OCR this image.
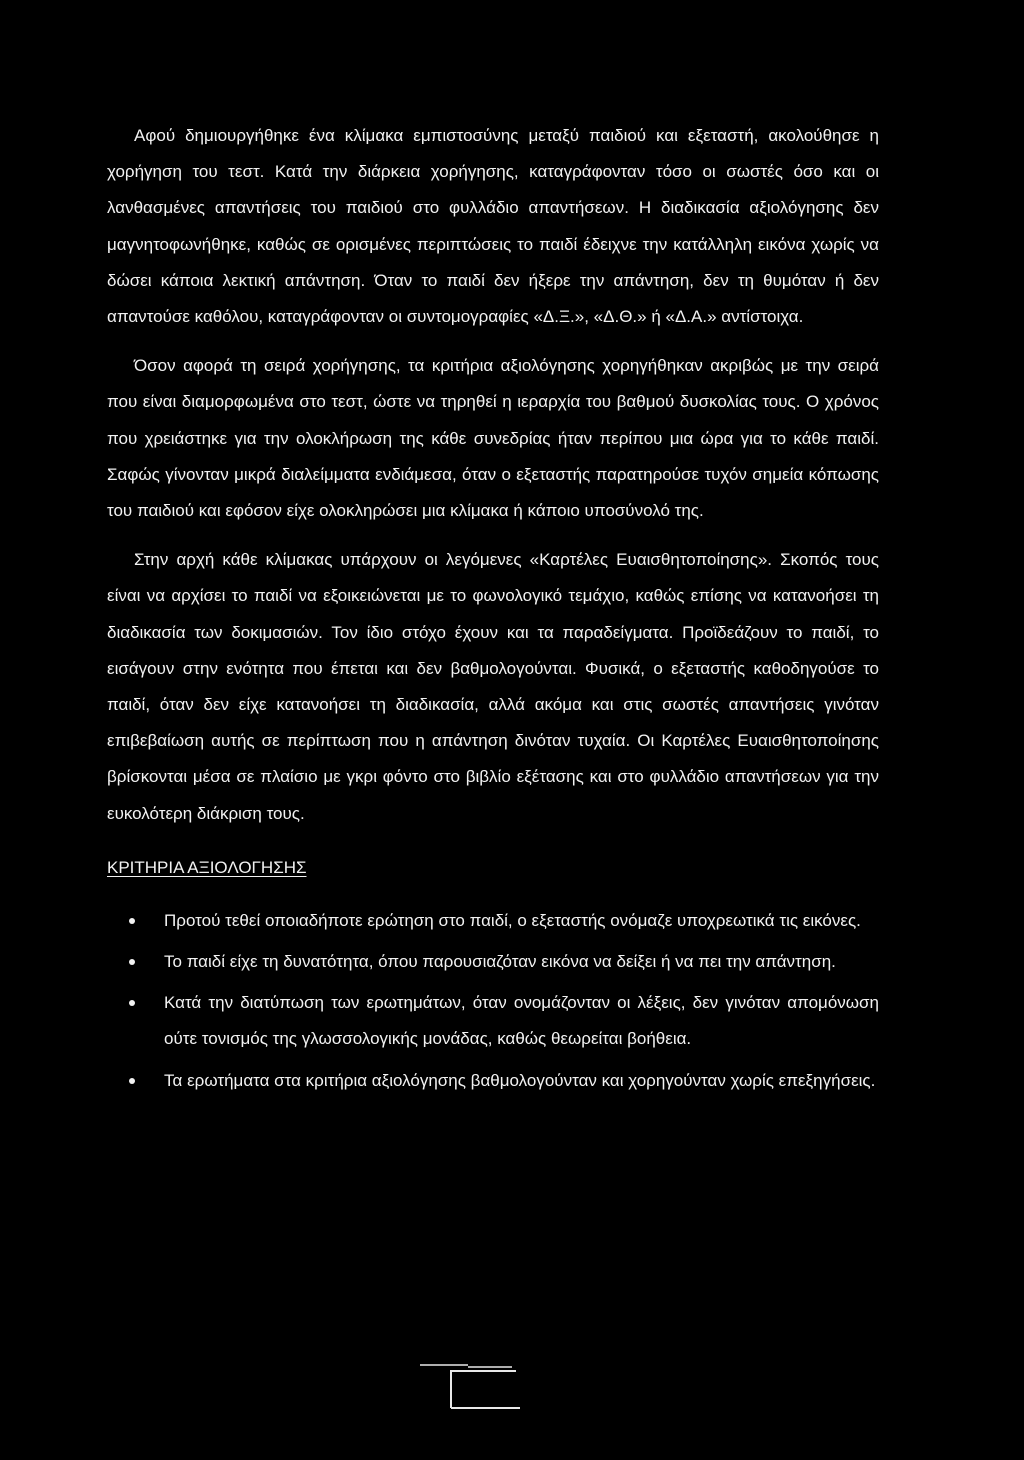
Αφού δημιουργήθηκε ένα κλίμακα εμπιστοσύνης μεταξύ παιδιού και εξεταστή, ακολούθησε η χορήγηση του τεστ. Κατά την διάρκεια χορήγησης, καταγράφονταν τόσο οι σωστές όσο και οι λανθασμένες απαντήσεις του παιδιού στο φυλλάδιο απαντήσεων. Η διαδικασία αξιολόγησης δεν μαγνητοφωνήθηκε, καθώς σε ορισμένες περιπτώσεις το παιδί έδειχνε την κατάλληλη εικόνα χωρίς να δώσει κάποια λεκτική απάντηση. Όταν το παιδί δεν ήξερε την απάντηση, δεν τη θυμόταν ή δεν απαντούσε καθόλου, καταγράφονταν οι συντομογραφίες «Δ.Ξ.», «Δ.Θ.» ή «Δ.Α.» αντίστοιχα.

Όσον αφορά τη σειρά χορήγησης, τα κριτήρια αξιολόγησης χορηγήθηκαν ακριβώς με την σειρά που είναι διαμορφωμένα στο τεστ, ώστε να τηρηθεί η ιεραρχία του βαθμού δυσκολίας τους. Ο χρόνος που χρειάστηκε για την ολοκλήρωση της κάθε συνεδρίας ήταν περίπου μια ώρα για το κάθε παιδί. Σαφώς γίνονταν μικρά διαλείμματα ενδιάμεσα, όταν ο εξεταστής παρατηρούσε τυχόν σημεία κόπωσης του παιδιού και εφόσον είχε ολοκληρώσει μια κλίμακα ή κάποιο υποσύνολό της.

Στην αρχή κάθε κλίμακας υπάρχουν οι λεγόμενες «Καρτέλες Ευαισθητοποίησης». Σκοπός τους είναι να αρχίσει το παιδί να εξοικειώνεται με το φωνολογικό τεμάχιο, καθώς επίσης να κατανοήσει τη διαδικασία των δοκιμασιών. Τον ίδιο στόχο έχουν και τα παραδείγματα. Προϊδεάζουν το παιδί, το εισάγουν στην ενότητα που έπεται και δεν βαθμολογούνται. Φυσικά, ο εξεταστής καθοδηγούσε το παιδί, όταν δεν είχε κατανοήσει τη διαδικασία, αλλά ακόμα και στις σωστές απαντήσεις γινόταν επιβεβαίωση αυτής σε περίπτωση που η απάντηση δινόταν τυχαία. Οι Καρτέλες Ευαισθητοποίησης βρίσκονται μέσα σε πλαίσιο με γκρι φόντο στο βιβλίο εξέτασης και στο φυλλάδιο απαντήσεων για την ευκολότερη διάκριση τους.

ΚΡΙΤΗΡΙΑ ΑΞΙΟΛΟΓΗΣΗΣ
Προτού τεθεί οποιαδήποτε ερώτηση στο παιδί, ο εξεταστής ονόμαζε υποχρεωτικά τις εικόνες.
Το παιδί είχε τη δυνατότητα, όπου παρουσιαζόταν εικόνα να δείξει ή να πει την απάντηση.
Κατά την διατύπωση των ερωτημάτων, όταν ονομάζονταν οι λέξεις, δεν γινόταν απομόνωση ούτε τονισμός της γλωσσολογικής μονάδας, καθώς θεωρείται βοήθεια.
Τα ερωτήματα στα κριτήρια αξιολόγησης βαθμολογούνταν και χορηγούνταν χωρίς επεξηγήσεις.
